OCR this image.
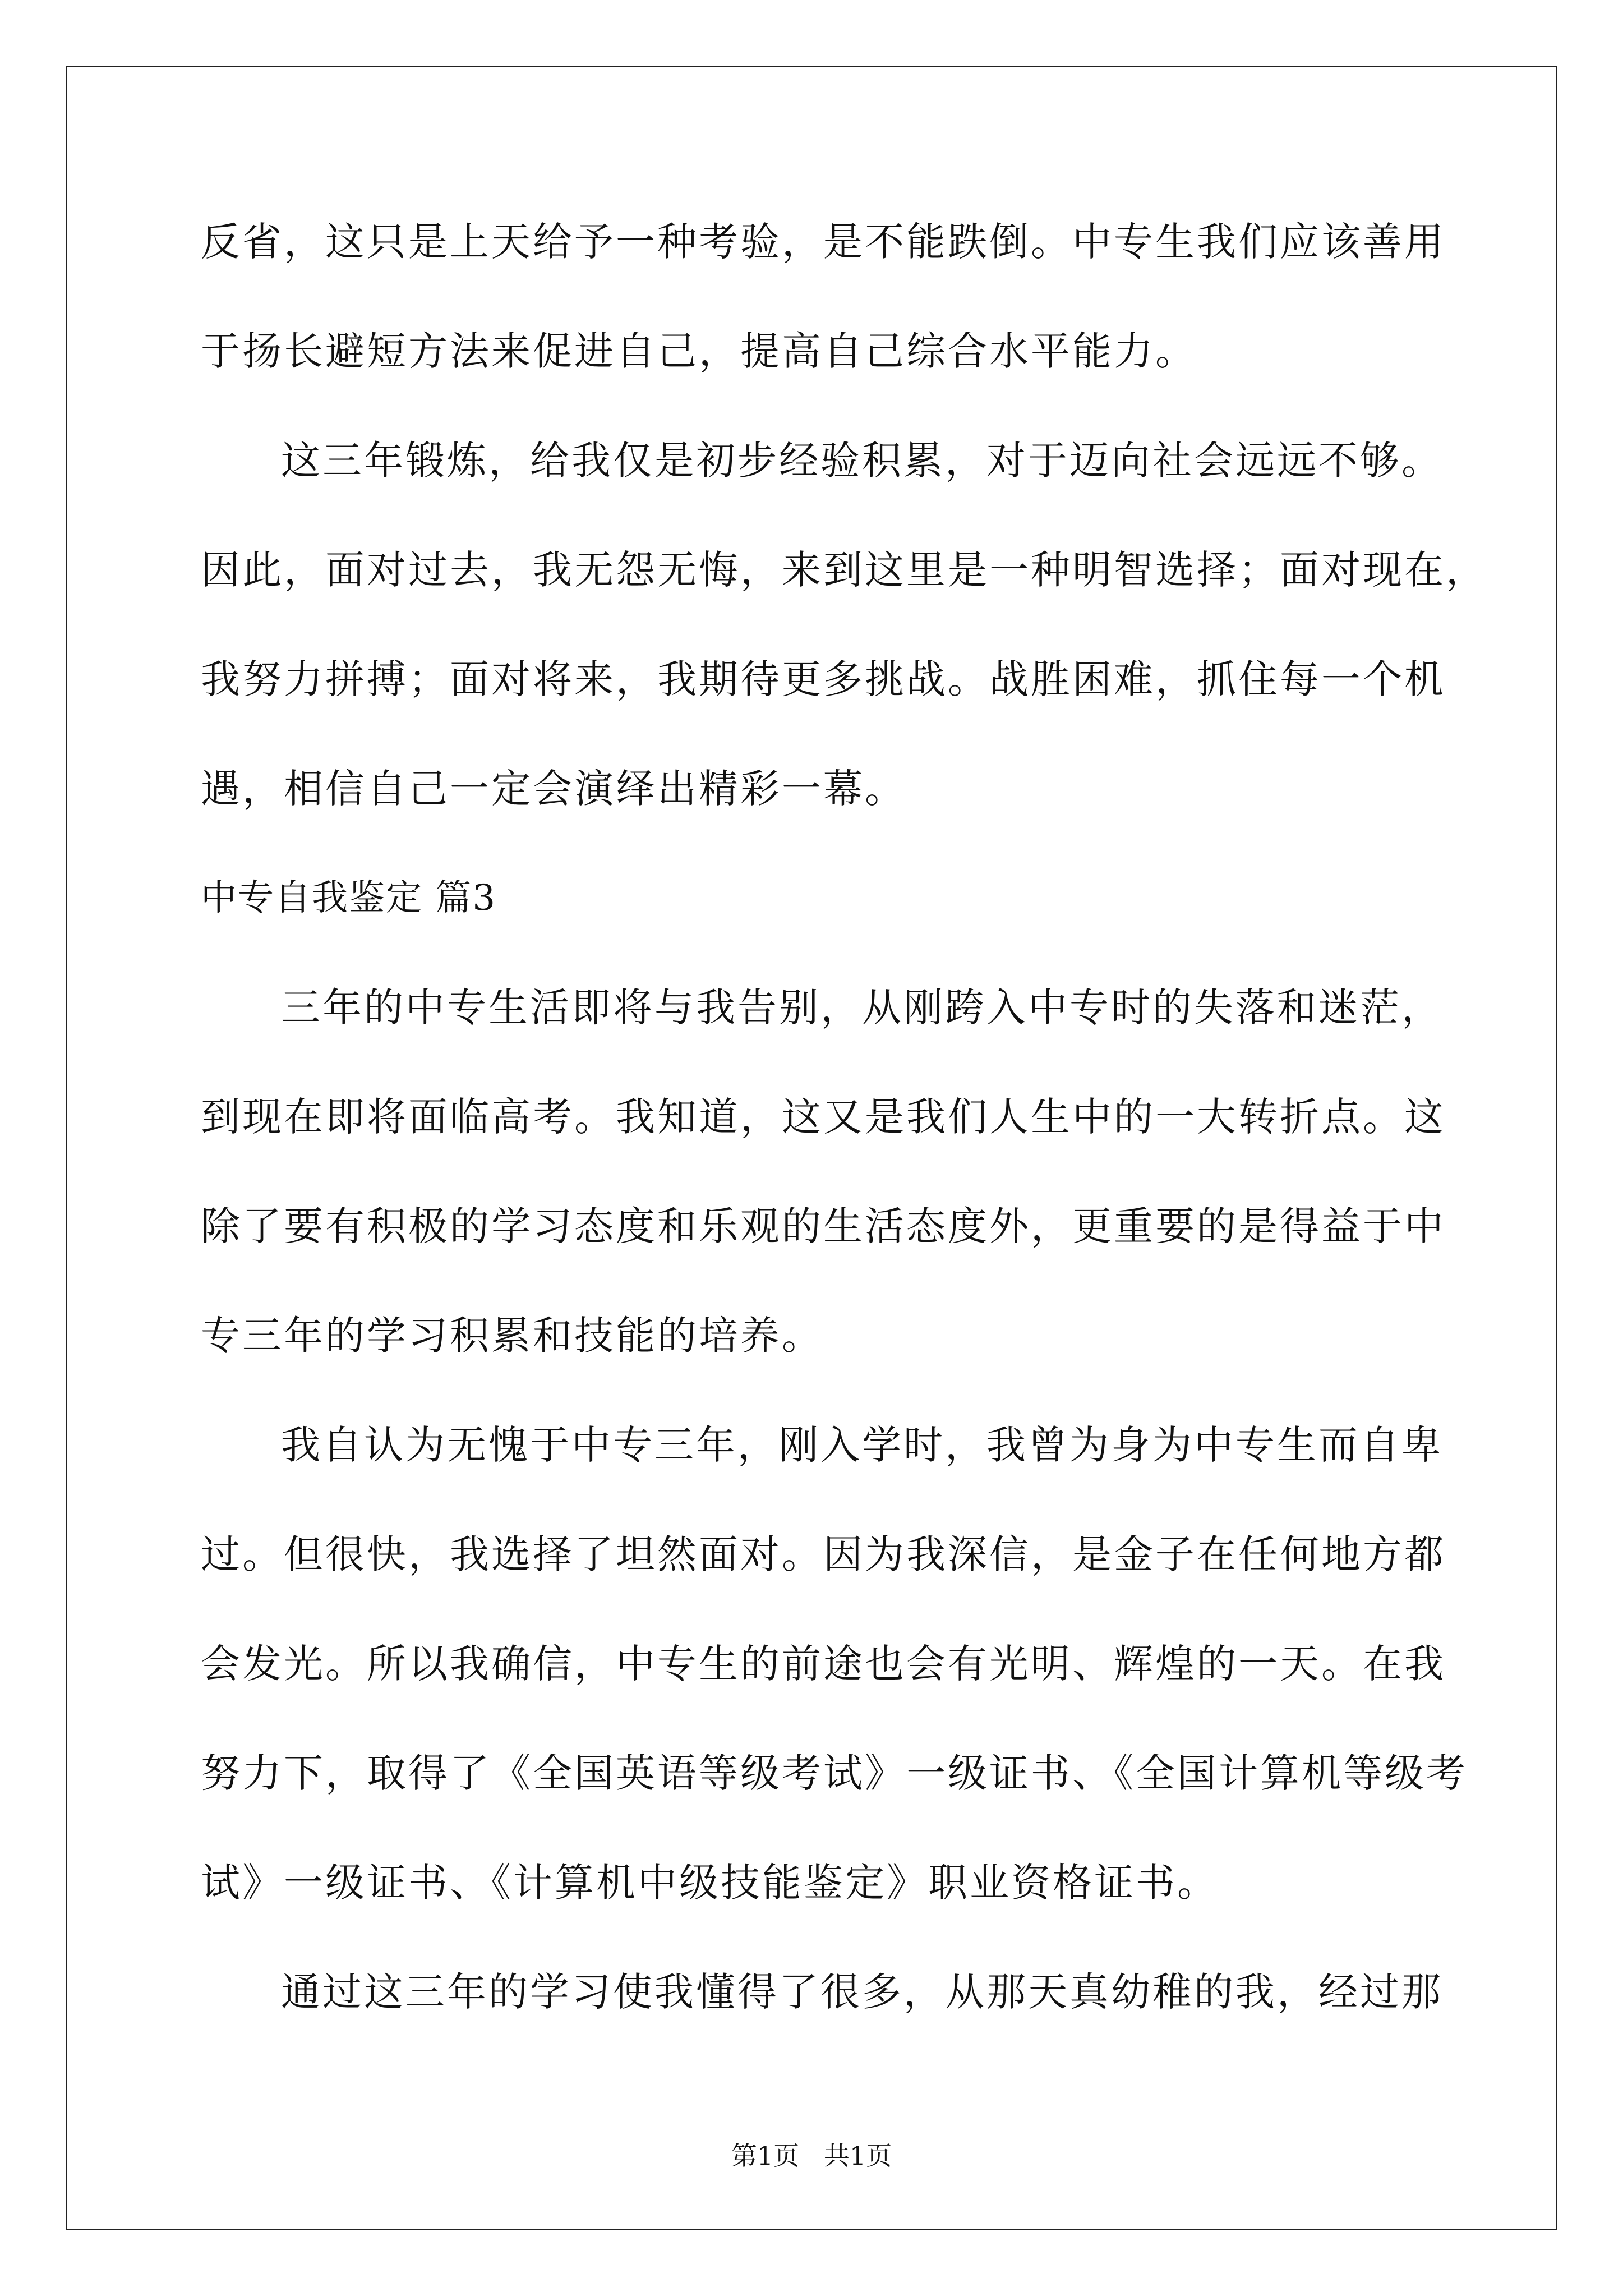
反省，这只是上天给予一种考验，是不能跌倒。中专生我们应该善用
于扬长避短方法来促进自己，提高自己综合水平能力。
这三年锻炼，给我仅是初步经验积累，对于迈向社会远远不够。
因此，面对过去，我无怨无悔，来到这里是一种明智选择；面对现在，
我努力拼搏；面对将来，我期待更多挑战。战胜困难，抓住每一个机
遇，相信自己一定会演绎出精彩一幕。
中专自我鉴定 篇3
三年的中专生活即将与我告别，从刚跨入中专时的失落和迷茫，
到现在即将面临高考。我知道，这又是我们人生中的一大转折点。这
除了要有积极的学习态度和乐观的生活态度外，更重要的是得益于中
专三年的学习积累和技能的培养。
我自认为无愧于中专三年，刚入学时，我曾为身为中专生而自卑
过。但很快，我选择了坦然面对。因为我深信，是金子在任何地方都
会发光。所以我确信，中专生的前途也会有光明、辉煌的一天。在我
努力下，取得了《全国英语等级考试》一级证书、《全国计算机等级考
试》一级证书、《计算机中级技能鉴定》职业资格证书。
通过这三年的学习使我懂得了很多，从那天真幼稚的我，经过那
第1页   共1页
